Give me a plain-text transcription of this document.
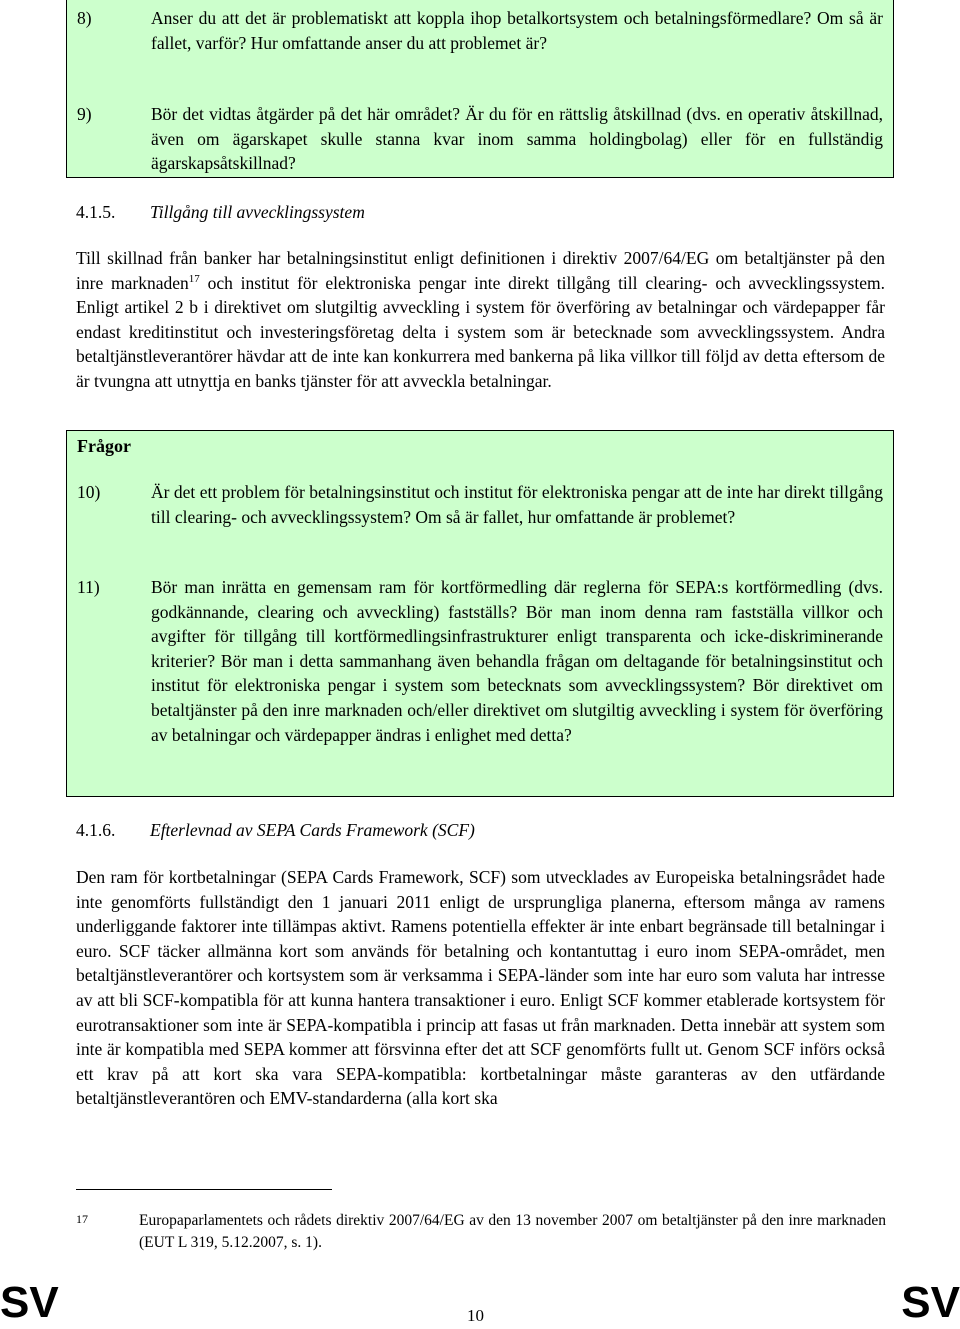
8)	Anser du att det är problematiskt att koppla ihop betalkortsystem och betalningsförmedlare? Om så är fallet, varför? Hur omfattande anser du att problemet är?
9)	Bör det vidtas åtgärder på det här området? Är du för en rättslig åtskillnad (dvs. en operativ åtskillnad, även om ägarskapet skulle stanna kvar inom samma holdingbolag) eller för en fullständig ägarskapsåtskillnad?
4.1.5. Tillgång till avvecklingssystem
Till skillnad från banker har betalningsinstitut enligt definitionen i direktiv 2007/64/EG om betaltjänster på den inre marknaden$^{17}$ och institut för elektroniska pengar inte direkt tillgång till clearing- och avvecklingssystem. Enligt artikel 2 b i direktivet om slutgiltig avveckling i system för överföring av betalningar och värdepapper får endast kreditinstitut och investeringsföretag delta i system som är betecknade som avvecklingssystem. Andra betaltjänstleverantörer hävdar att de inte kan konkurrera med bankerna på lika villkor till följd av detta eftersom de är tvungna att utnyttja en banks tjänster för att avveckla betalningar.
Frågor
10)	Är det ett problem för betalningsinstitut och institut för elektroniska pengar att de inte har direkt tillgång till clearing- och avvecklingssystem? Om så är fallet, hur omfattande är problemet?
11)	Bör man inrätta en gemensam ram för kortförmedling där reglerna för SEPA:s kortförmedling (dvs. godkännande, clearing och avveckling) fastställs? Bör man inom denna ram fastställa villkor och avgifter för tillgång till kortförmedlingsinfrastrukturer enligt transparenta och icke-diskriminerande kriterier? Bör man i detta sammanhang även behandla frågan om deltagande för betalningsinstitut och institut för elektroniska pengar i system som betecknats som avvecklingssystem? Bör direktivet om betaltjänster på den inre marknaden och/eller direktivet om slutgiltig avveckling i system för överföring av betalningar och värdepapper ändras i enlighet med detta?
4.1.6. Efterlevnad av SEPA Cards Framework (SCF)
Den ram för kortbetalningar (SEPA Cards Framework, SCF) som utvecklades av Europeiska betalningsrådet hade inte genomförts fullständigt den 1 januari 2011 enligt de ursprungliga planerna, eftersom många av ramens underliggande faktorer inte tillämpas aktivt. Ramens potentiella effekter är inte enbart begränsade till betalningar i euro. SCF täcker allmänna kort som används för betalning och kontantuttag i euro inom SEPA-området, men betaltjänstleverantörer och kortsystem som är verksamma i SEPA-länder som inte har euro som valuta har intresse av att bli SCF-kompatibla för att kunna hantera transaktioner i euro. Enligt SCF kommer etablerade kortsystem för eurotransaktioner som inte är SEPA-kompatibla i princip att fasas ut från marknaden. Detta innebär att system som inte är kompatibla med SEPA kommer att försvinna efter det att SCF genomförts fullt ut. Genom SCF införs också ett krav på att kort ska vara SEPA-kompatibla: kortbetalningar måste garanteras av den utfärdande betaltjänstleverantören och EMV-standarderna (alla kort ska
17	Europaparlamentets och rådets direktiv 2007/64/EG av den 13 november 2007 om betaltjänster på den inre marknaden (EUT L 319, 5.12.2007, s. 1).
SV	10	SV
